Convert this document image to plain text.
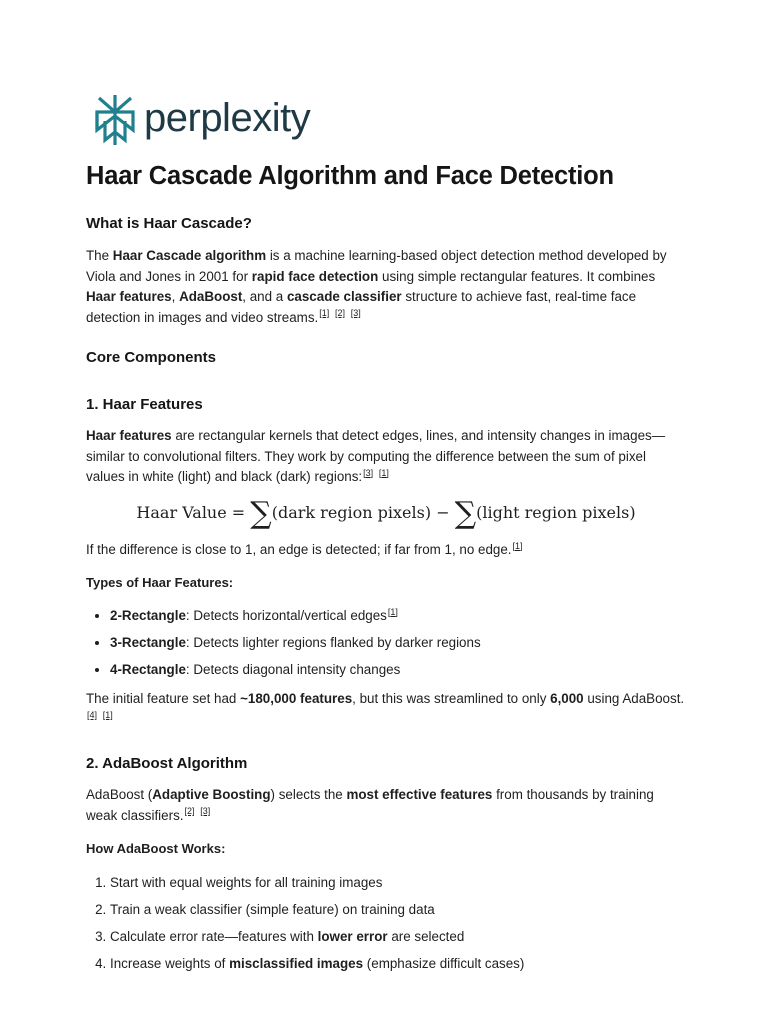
perplexity
Haar Cascade Algorithm and Face Detection
What is Haar Cascade?

The Haar Cascade algorithm is a machine learning-based object detection method developed by Viola and Jones in 2001 for rapid face detection using simple rectangular features. It combines Haar features, AdaBoost, and a cascade classifier structure to achieve fast, real-time face detection in images and video streams.[1] [2] [3]

Core Components
1. Haar Features

Haar features are rectangular kernels that detect edges, lines, and intensity changes in images—similar to convolutional filters. They work by computing the difference between the sum of pixel values in white (light) and black (dark) regions:[3] [1]

Haar Value = ∑(dark region pixels) − ∑(light region pixels)

If the difference is close to 1, an edge is detected; if far from 1, no edge.[1]

Types of Haar Features:
• 2-Rectangle: Detects horizontal/vertical edges[1]
• 3-Rectangle: Detects lighter regions flanked by darker regions
• 4-Rectangle: Detects diagonal intensity changes

The initial feature set had ~180,000 features, but this was streamlined to only 6,000 using AdaBoost.[4] [1]

2. AdaBoost Algorithm

AdaBoost (Adaptive Boosting) selects the most effective features from thousands by training weak classifiers.[2] [3]

How AdaBoost Works:
1. Start with equal weights for all training images
2. Train a weak classifier (simple feature) on training data
3. Calculate error rate—features with lower error are selected
4. Increase weights of misclassified images (emphasize difficult cases)
